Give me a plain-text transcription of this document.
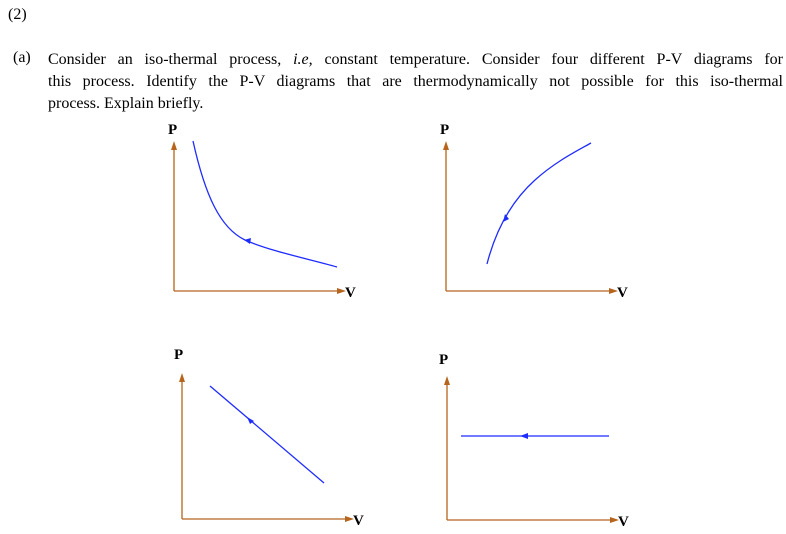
(2)
(a) Consider an iso-thermal process, i.e, constant temperature. Consider four different P-V diagrams for
this process. Identify the P-V diagrams that are thermodynamically not possible for this iso-thermal
process. Explain briefly.
P
V
P
V
P
V
P
V
